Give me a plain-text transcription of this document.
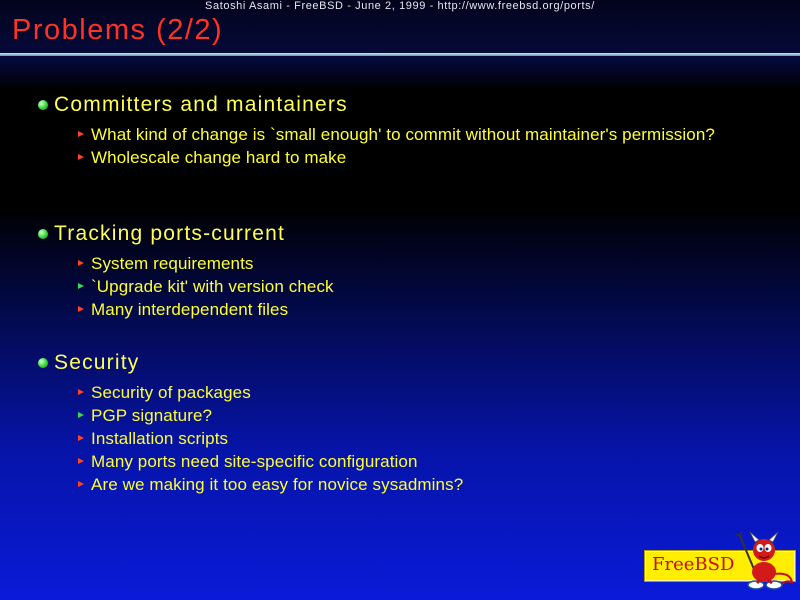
Satoshi Asami - FreeBSD - June 2, 1999 - http://www.freebsd.org/ports/
Problems (2/2)
Committers and maintainers
What kind of change is `small enough' to commit without maintainer's permission?
Wholescale change hard to make
Tracking ports-current
System requirements
`Upgrade kit' with version check
Many interdependent files
Security
Security of packages
PGP signature?
Installation scripts
Many ports need site-specific configuration
Are we making it too easy for novice sysadmins?
FreeBSD
